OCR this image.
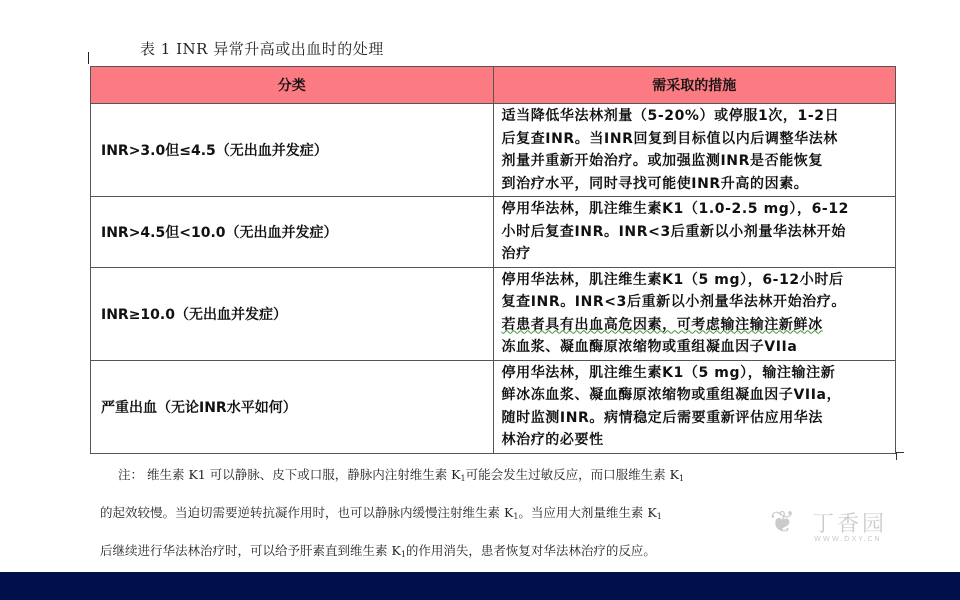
表 1 INR 异常升高或出血时的处理
分类	需采取的措施
INR>3.0但≤4.5（无出血并发症）	适当降低华法林剂量（5-20%）或停服1次，1-2日
后复查INR。当INR回复到目标值以内后调整华法林
剂量并重新开始治疗。或加强监测INR是否能恢复
到治疗水平，同时寻找可能使INR升高的因素。

INR>4.5但<10.0（无出血并发症）	停用华法林，肌注维生素K1（1.0-2.5 mg），6-12
小时后复查INR。INR<3后重新以小剂量华法林开始
治疗

INR≥10.0（无出血并发症）	停用华法林，肌注维生素K1（5 mg），6-12小时后
复查INR。INR<3后重新以小剂量华法林开始治疗。
若患者具有出血高危因素，可考虑输注输注新鲜冰
冻血浆、凝血酶原浓缩物或重组凝血因子VIIa

严重出血（无论INR水平如何）	停用华法林，肌注维生素K1（5 mg），输注输注新
鲜冰冻血浆、凝血酶原浓缩物或重组凝血因子VIIa，
随时监测INR。病情稳定后需要重新评估应用华法
林治疗的必要性

注： 维生素 K1 可以静脉、皮下或口服，静脉内注射维生素 $K_1$可能会发生过敏反应，而口服维生素 $K_1$

的起效较慢。当迫切需要逆转抗凝作用时，也可以静脉内缓慢注射维生素 $K_1$。当应用大剂量维生素 $K_1$

后继续进行华法林治疗时，可以给予肝素直到维生素 $K_1$的作用消失，患者恢复对华法林治疗的反应。

❦ 丁香园
WWW.DXY.CN
